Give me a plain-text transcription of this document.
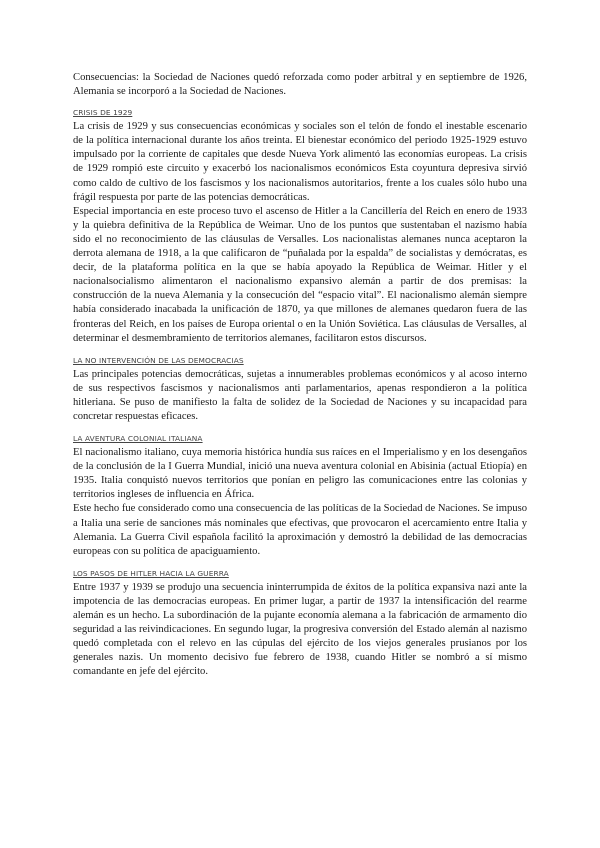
Consecuencias: la Sociedad de Naciones quedó reforzada como poder arbitral y en septiembre de 1926, Alemania se incorporó a la Sociedad de Naciones.

CRISIS DE 1929

La crisis de 1929 y sus consecuencias económicas y sociales son el telón de fondo el inestable escenario de la política internacional durante los años treinta. El bienestar económico del periodo 1925-1929 estuvo impulsado por la corriente de capitales que desde Nueva York alimentó las economías europeas. La crisis de 1929 rompió este circuito y exacerbó los nacionalismos económicos Esta coyuntura depresiva sirvió como caldo de cultivo de los fascismos y los nacionalismos autoritarios, frente a los cuales sólo hubo una frágil respuesta por parte de las potencias democráticas.

Especial importancia en este proceso tuvo el ascenso de Hitler a la Cancillería del Reich en enero de 1933 y la quiebra definitiva de la República de Weimar. Uno de los puntos que sustentaban el nazismo había sido el no reconocimiento de las cláusulas de Versalles. Los nacionalistas alemanes nunca aceptaron la derrota alemana de 1918, a la que calificaron de “puñalada por la espalda” de socialistas y demócratas, es decir, de la plataforma política en la que se había apoyado la República de Weimar. Hitler y el nacionalsocialismo alimentaron el nacionalismo expansivo alemán a partir de dos premisas: la construcción de la nueva Alemania y la consecución del “espacio vital”. El nacionalismo alemán siempre había considerado inacabada la unificación de 1870, ya que millones de alemanes quedaron fuera de las fronteras del Reich, en los países de Europa oriental o en la Unión Soviética. Las cláusulas de Versalles, al determinar el desmembramiento de territorios alemanes, facilitaron estos discursos.

LA NO INTERVENCIÓN DE LAS DEMOCRACIAS

Las principales potencias democráticas, sujetas a innumerables problemas económicos y al acoso interno de sus respectivos fascismos y nacionalismos anti parlamentarios, apenas respondieron a la política hitleriana. Se puso de manifiesto la falta de solidez de la Sociedad de Naciones y su incapacidad para concretar respuestas eficaces.

LA AVENTURA COLONIAL ITALIANA

El nacionalismo italiano, cuya memoria histórica hundía sus raíces en el Imperialismo y en los desengaños de la conclusión de la I Guerra Mundial, inició una nueva aventura colonial en Abisinia (actual Etiopía) en 1935. Italia conquistó nuevos territorios que ponían en peligro las comunicaciones entre las colonias y territorios ingleses de influencia en África.

Este hecho fue considerado como una consecuencia de las políticas de la Sociedad de Naciones. Se impuso a Italia una serie de sanciones más nominales que efectivas, que provocaron el acercamiento entre Italia y Alemania. La Guerra Civil española facilitó la aproximación y demostró la debilidad de las democracias europeas con su política de apaciguamiento.

LOS PASOS DE HITLER HACIA LA GUERRA

Entre 1937 y 1939 se produjo una secuencia ininterrumpida de éxitos de la política expansiva nazi ante la impotencia de las democracias europeas. En primer lugar, a partir de 1937 la intensificación del rearme alemán es un hecho. La subordinación de la pujante economía alemana a la fabricación de armamento dio seguridad a las reivindicaciones. En segundo lugar, la progresiva conversión del Estado alemán al nazismo quedó completada con el relevo en las cúpulas del ejército de los viejos generales prusianos por los generales nazis. Un momento decisivo fue febrero de 1938, cuando Hitler se nombró a sí mismo comandante en jefe del ejército.
